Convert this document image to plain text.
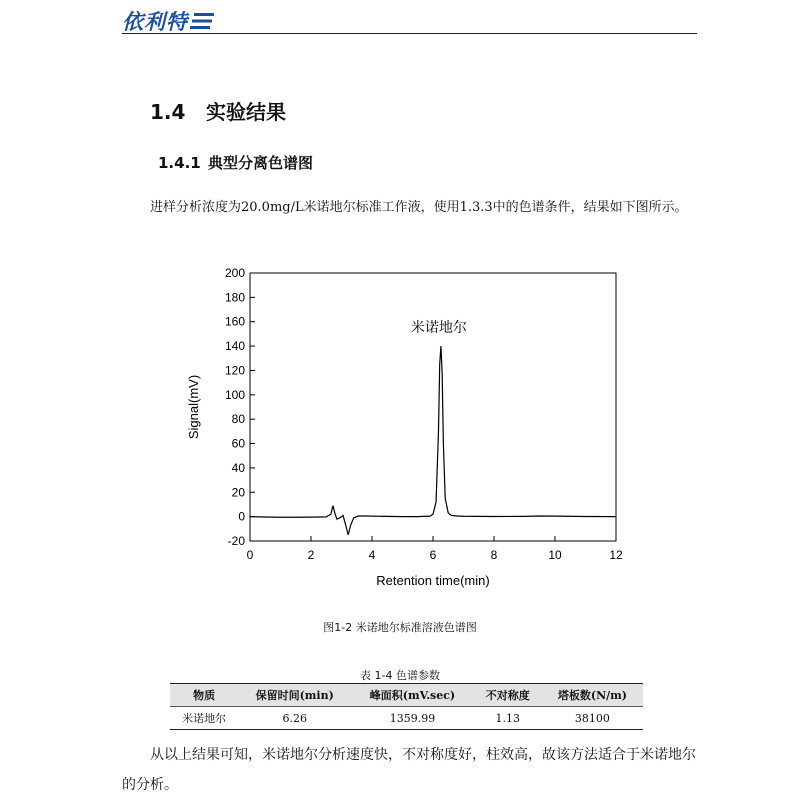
依利特
1.4 实验结果
1.4.1 典型分离色谱图
进样分析浓度为20.0mg/L米诺地尔标准工作液，使用1.3.3中的色谱条件，结果如下图所示。
-20
0
20
40
60
80
100
120
140
160
180
200
0	2	4	6	8	10	12
米诺地尔
Retention time(min)
Signal(mV)
图1-2 米诺地尔标准溶液色谱图
表 1-4 色谱参数
物质	保留时间(min)	峰面积(mV.sec)	不对称度	塔板数(N/m)
米诺地尔	6.26	1359.99	1.13	38100
从以上结果可知，米诺地尔分析速度快，不对称度好，柱效高，故该方法适合于米诺地尔的分析。
